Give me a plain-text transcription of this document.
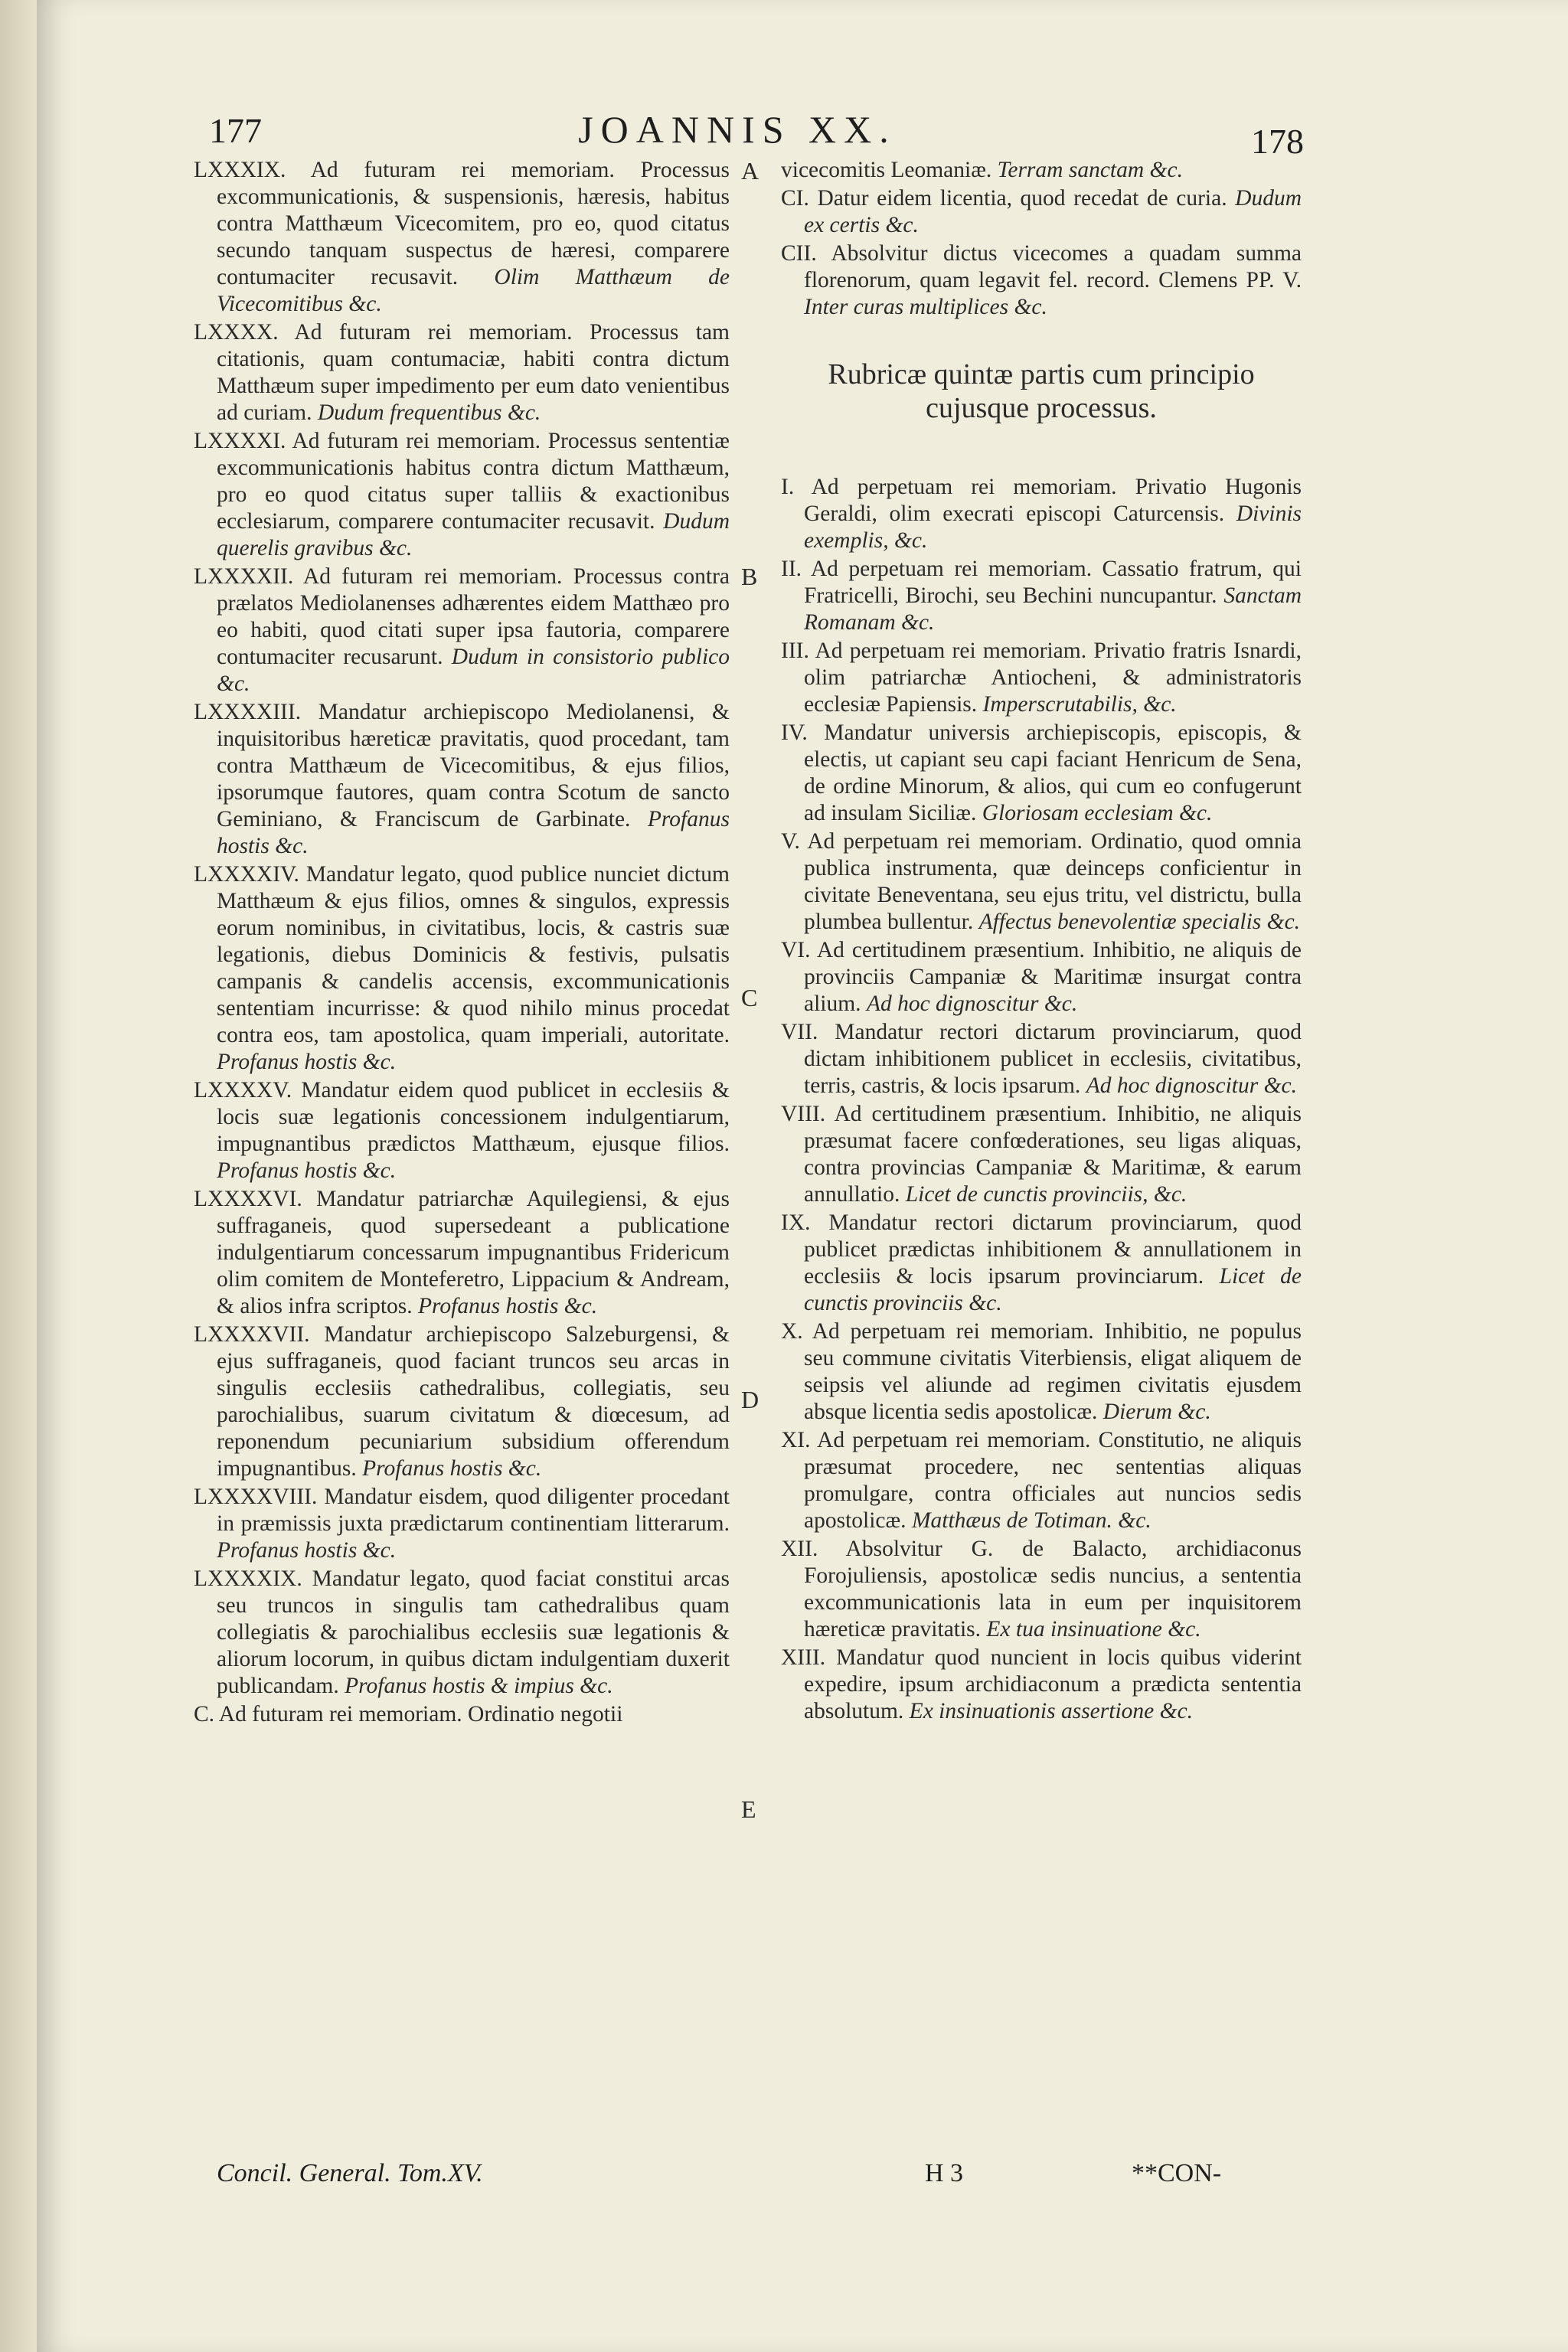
177	JOANNIS XX.	178
LXXXIX. Ad futuram rei memoriam. Processus excommunicationis, & suspensionis, hæresis, habitus contra Matthæum Vicecomitem, pro eo, quod citatus secundo tanquam suspectus de hæresi, comparere contumaciter recusavit. Olim Matthæum de Vicecomitibus &c.
LXXXX. Ad futuram rei memoriam. Processus tam citationis, quam contumaciæ, habiti contra dictum Matthæum super impedimento per eum dato venientibus ad curiam. Dudum frequentibus &c.
LXXXXI. Ad futuram rei memoriam. Processus sententiæ excommunicationis habitus contra dictum Matthæum, pro eo quod citatus super talliis & exactionibus ecclesiarum, comparere contumaciter recusavit. Dudum querelis gravibus &c.
LXXXXII. Ad futuram rei memoriam. Processus contra prælatos Mediolanenses adhærentes eidem Matthæo pro eo habiti, quod citati super ipsa fautoria, comparere contumaciter recusarunt. Dudum in consistorio publico &c.
LXXXXIII. Mandatur archiepiscopo Mediolanensi, & inquisitoribus hæreticæ pravitatis, quod procedant, tam contra Matthæum de Vicecomitibus, & ejus filios, ipsorumque fautores, quam contra Scotum de sancto Geminiano, & Franciscum de Garbinate. Profanus hostis &c.
LXXXXIV. Mandatur legato, quod publice nunciet dictum Matthæum & ejus filios, omnes & singulos, expressis eorum nominibus, in civitatibus, locis, & castris suæ legationis, diebus Dominicis & festivis, pulsatis campanis & candelis accensis, excommunicationis sententiam incurrisse: & quod nihilo minus procedat contra eos, tam apostolica, quam imperiali, autoritate. Profanus hostis &c.
LXXXXV. Mandatur eidem quod publicet in ecclesiis & locis suæ legationis concessionem indulgentiarum, impugnantibus prædictos Matthæum, ejusque filios. Profanus hostis &c.
LXXXXVI. Mandatur patriarchæ Aquilegiensi, & ejus suffraganeis, quod supersedeant a publicatione indulgentiarum concessarum impugnantibus Fridericum olim comitem de Monteferetro, Lippacium & Andream, & alios infra scriptos. Profanus hostis &c.
LXXXXVII. Mandatur archiepiscopo Salzeburgensi, & ejus suffraganeis, quod faciant truncos seu arcas in singulis ecclesiis cathedralibus, collegiatis, seu parochialibus, suarum civitatum & diœcesum, ad reponendum pecuniarium subsidium offerendum impugnantibus. Profanus hostis &c.
LXXXXVIII. Mandatur eisdem, quod diligenter procedant in præmissis juxta prædictarum continentiam litterarum. Profanus hostis &c.
LXXXXIX. Mandatur legato, quod faciat constitui arcas seu truncos in singulis tam cathedralibus quam collegiatis & parochialibus ecclesiis suæ legationis & aliorum locorum, in quibus dictam indulgentiam duxerit publicandam. Profanus hostis & impius &c.
C. Ad futuram rei memoriam. Ordinatio negotii
vicecomitis Leomaniæ. Terram sanctam &c.
CI. Datur eidem licentia, quod recedat de curia. Dudum ex certis &c.
CII. Absolvitur dictus vicecomes a quadam summa florenorum, quam legavit fel. record. Clemens PP. V. Inter curas multiplices &c.
Rubricæ quintæ partis cum principio cujusque processus.
I. Ad perpetuam rei memoriam. Privatio Hugonis Geraldi, olim execrati episcopi Caturcensis. Divinis exemplis, &c.
II. Ad perpetuam rei memoriam. Cassatio fratrum, qui Fratricelli, Birochi, seu Bechini nuncupantur. Sanctam Romanam &c.
III. Ad perpetuam rei memoriam. Privatio fratris Isnardi, olim patriarchæ Antiocheni, & administratoris ecclesiæ Papiensis. Imperscrutabilis, &c.
IV. Mandatur universis archiepiscopis, episcopis, & electis, ut capiant seu capi faciant Henricum de Sena, de ordine Minorum, & alios, qui cum eo confugerunt ad insulam Siciliæ. Gloriosam ecclesiam &c.
V. Ad perpetuam rei memoriam. Ordinatio, quod omnia publica instrumenta, quæ deinceps conficientur in civitate Beneventana, seu ejus tritu, vel districtu, bulla plumbea bullentur. Affectus benevolentiæ specialis &c.
VI. Ad certitudinem præsentium. Inhibitio, ne aliquis de provinciis Campaniæ & Maritimæ insurgat contra alium. Ad hoc dignoscitur &c.
VII. Mandatur rectori dictarum provinciarum, quod dictam inhibitionem publicet in ecclesiis, civitatibus, terris, castris, & locis ipsarum. Ad hoc dignoscitur &c.
VIII. Ad certitudinem præsentium. Inhibitio, ne aliquis præsumat facere confœderationes, seu ligas aliquas, contra provincias Campaniæ & Maritimæ, & earum annullatio. Licet de cunctis provinciis, &c.
IX. Mandatur rectori dictarum provinciarum, quod publicet prædictas inhibitionem & annullationem in ecclesiis & locis ipsarum provinciarum. Licet de cunctis provinciis &c.
X. Ad perpetuam rei memoriam. Inhibitio, ne populus seu commune civitatis Viterbiensis, eligat aliquem de seipsis vel aliunde ad regimen civitatis ejusdem absque licentia sedis apostolicæ. Dierum &c.
XI. Ad perpetuam rei memoriam. Constitutio, ne aliquis præsumat procedere, nec sententias aliquas promulgare, contra officiales aut nuncios sedis apostolicæ. Matthæus de Totiman. &c.
XII. Absolvitur G. de Balacto, archidiaconus Forojuliensis, apostolicæ sedis nuncius, a sententia excommunicationis lata in eum per inquisitorem hæreticæ pravitatis. Ex tua insinuatione &c.
XIII. Mandatur quod nuncient in locis quibus viderint expedire, ipsum archidiaconum a prædicta sententia absolutum. Ex insinuationis assertione &c.
A
B
C
D
E
Concil. General. Tom.XV.	H 3	**CON-
